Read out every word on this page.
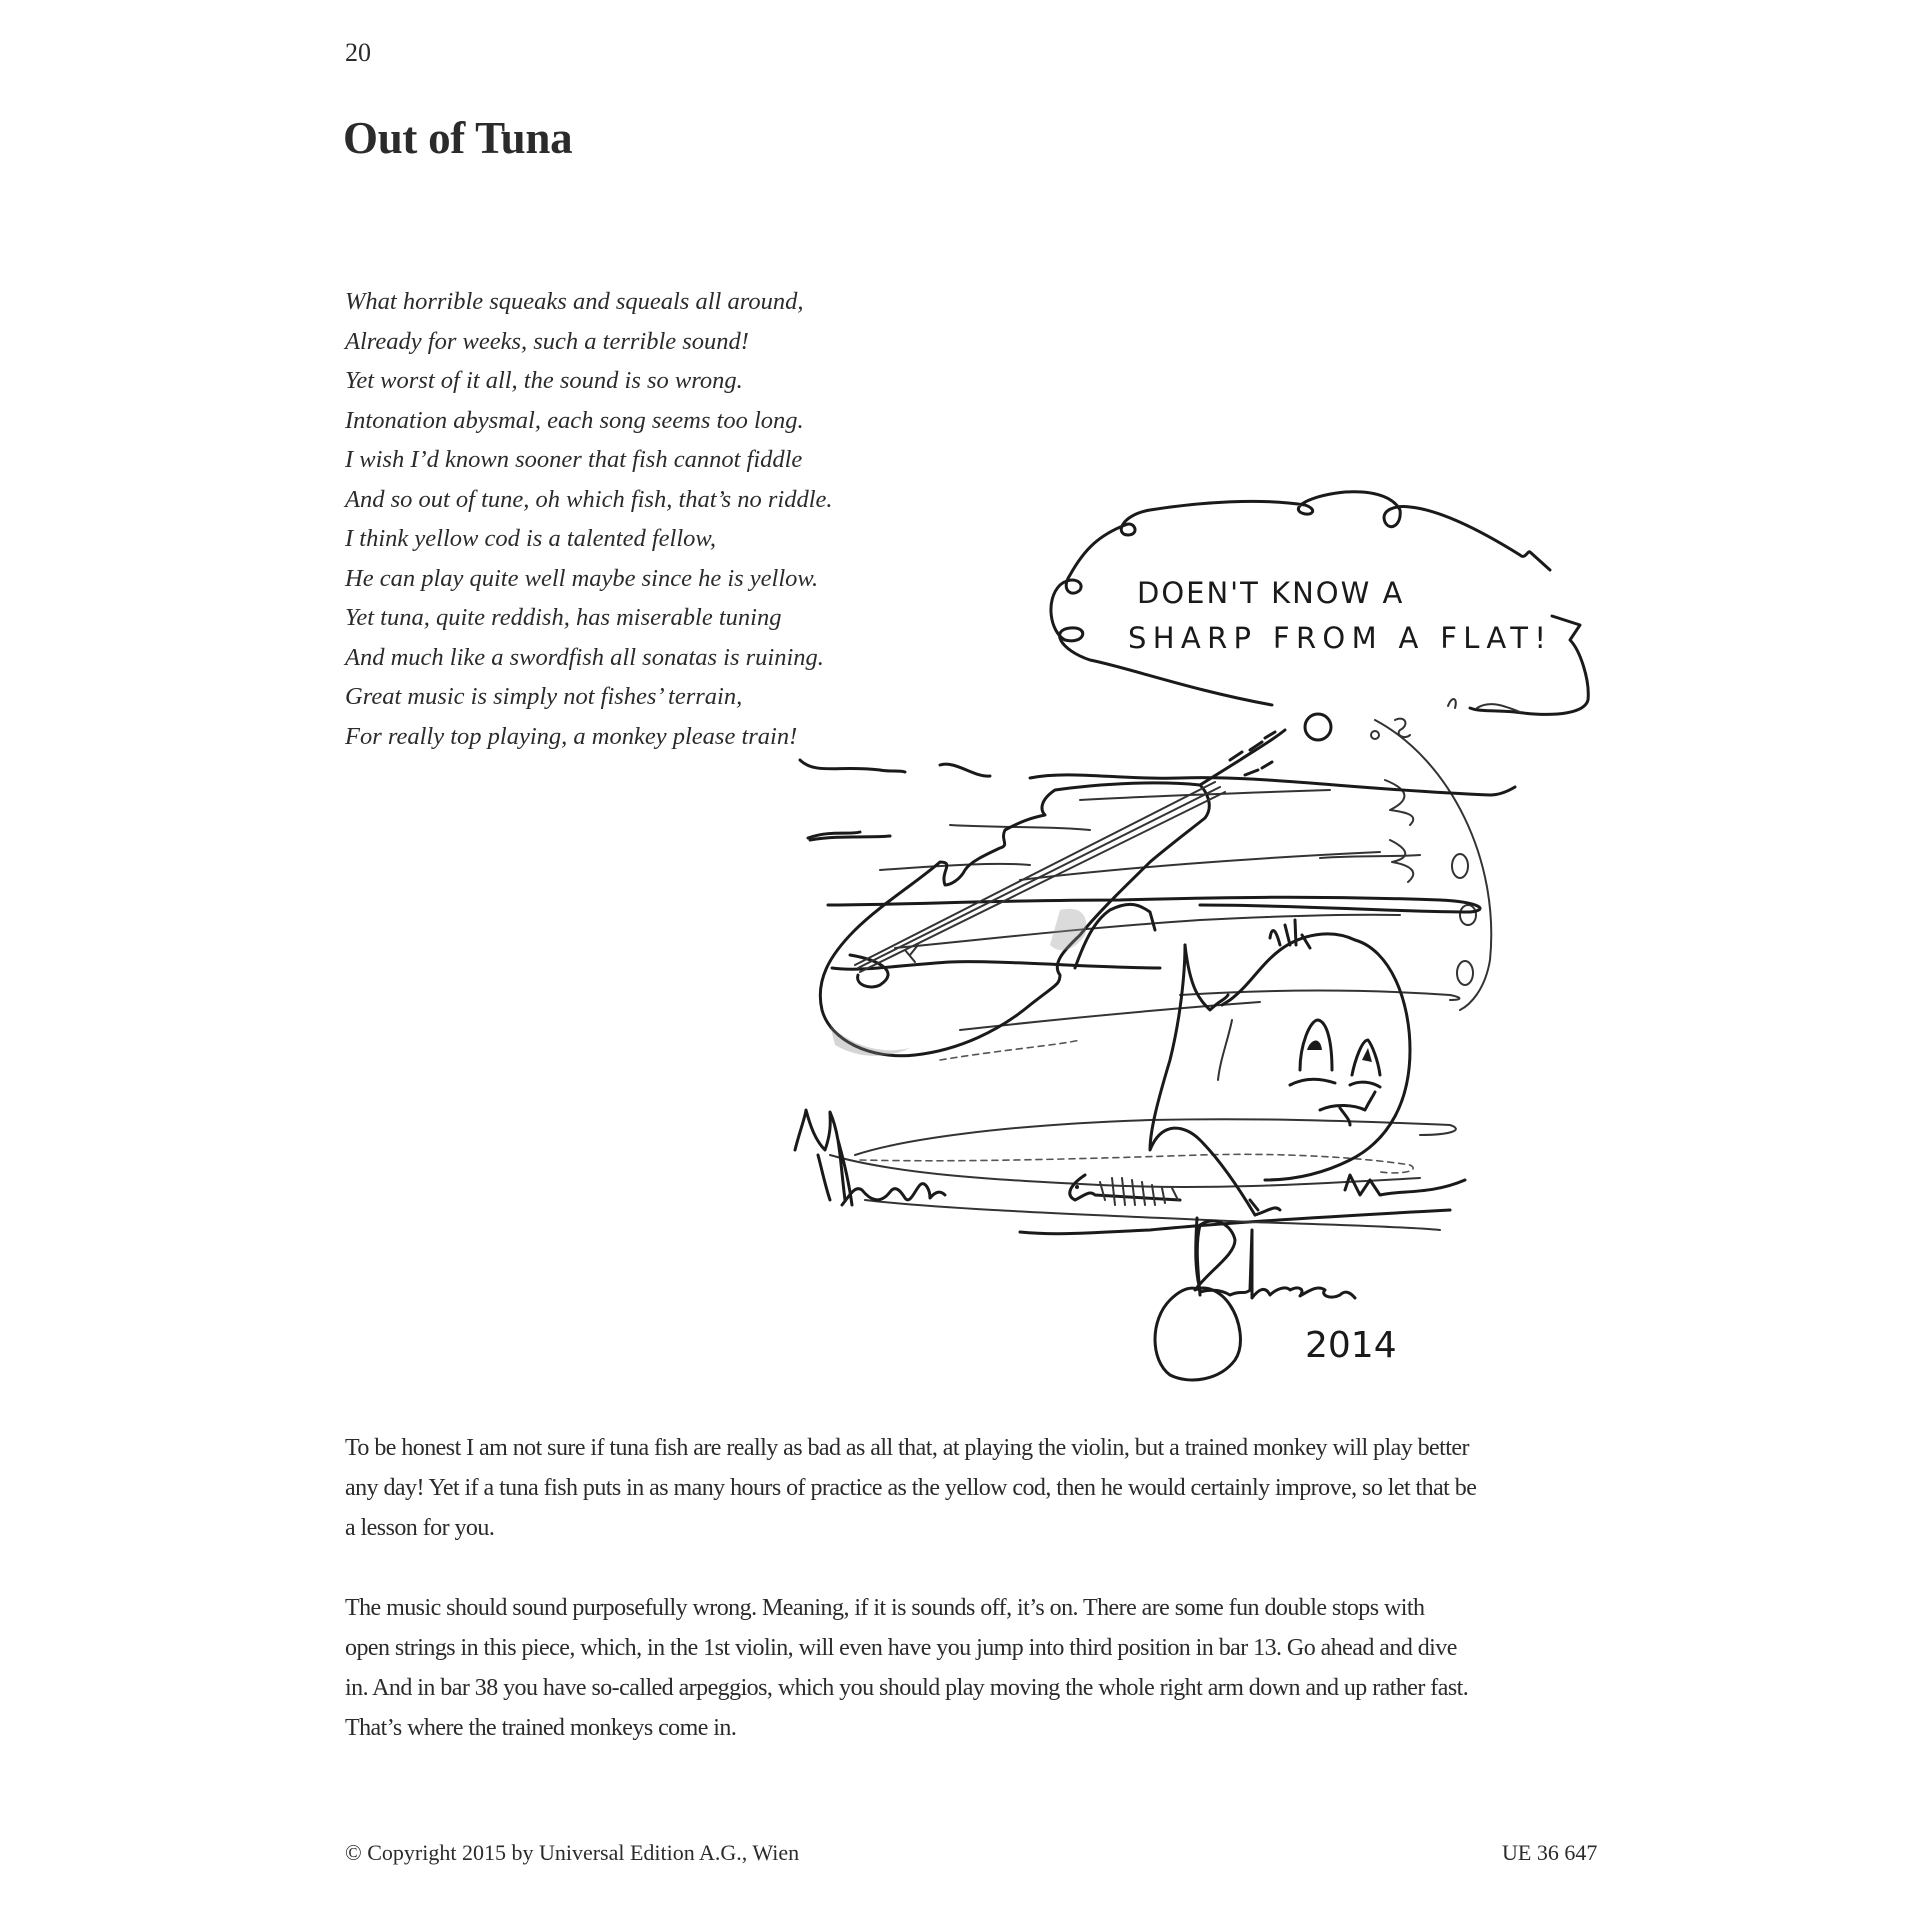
20
Out of Tuna
What horrible squeaks and squeals all around,
Already for weeks, such a terrible sound!
Yet worst of it all, the sound is so wrong.
Intonation abysmal, each song seems too long.
I wish I’d known sooner that fish cannot fiddle
And so out of tune, oh which fish, that’s no riddle.
I think yellow cod is a talented fellow,
He can play quite well maybe since he is yellow.
Yet tuna, quite reddish, has miserable tuning
And much like a swordfish all sonatas is ruining.
Great music is simply not fishes’ terrain,
For really top playing, a monkey please train!
DOEN'T KNOW A
SHARP FROM A FLAT!
2014
To be honest I am not sure if tuna fish are really as bad as all that, at playing the violin, but a trained monkey will play better
any day! Yet if a tuna fish puts in as many hours of practice as the yellow cod, then he would certainly improve, so let that be
a lesson for you.
The music should sound purposefully wrong. Meaning, if it is sounds off, it’s on. There are some fun double stops with
open strings in this piece, which, in the 1st violin, will even have you jump into third position in bar 13. Go ahead and dive
in. And in bar 38 you have so-called arpeggios, which you should play moving the whole right arm down and up rather fast.
That’s where the trained monkeys come in.
© Copyright 2015 by Universal Edition A.G., Wien	UE 36 647
